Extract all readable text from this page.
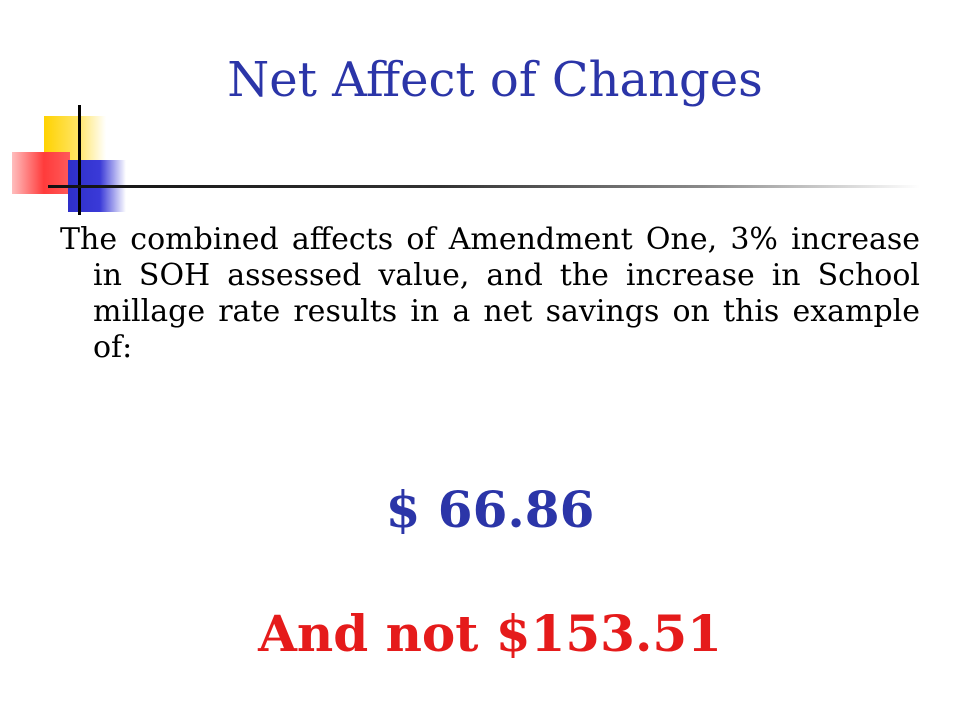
Net Affect of Changes

The combined affects of Amendment One, 3% increase in SOH assessed value, and the increase in School millage rate results in a net savings on this example of:

$ 66.86
And not $153.51
